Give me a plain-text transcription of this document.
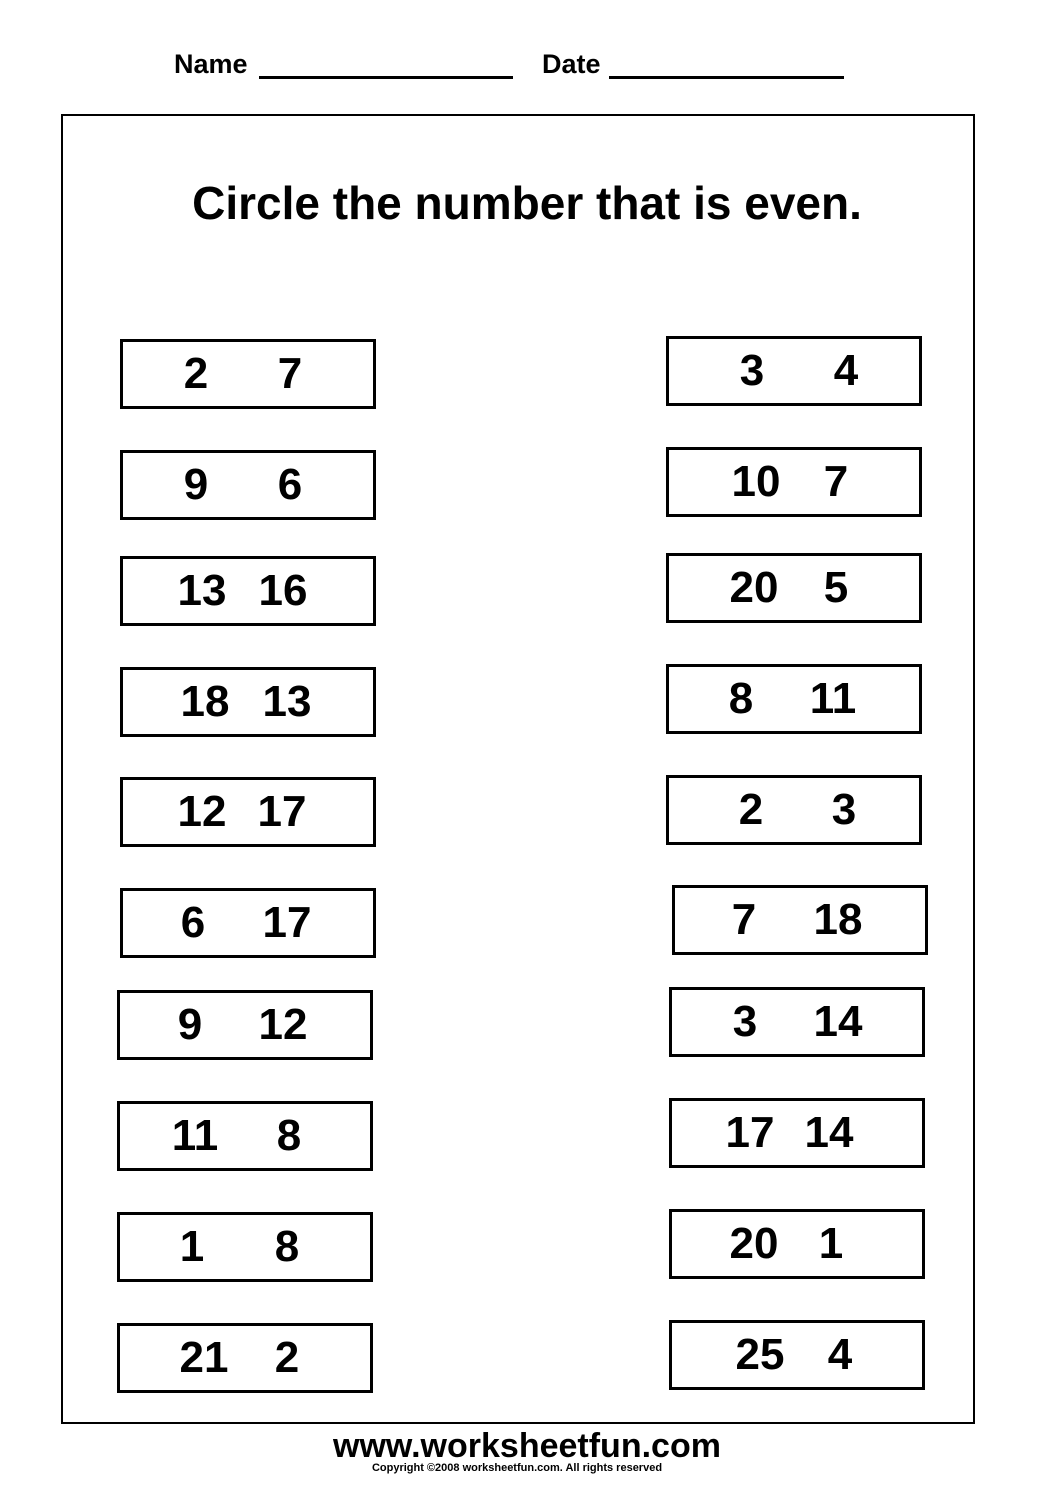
Name	Date
Circle the number that is even.
2	7
9	6
13 16
18 13
12 17
6	17
9	12
11	8
1	8
21	2
3	4
10 7
20	5
8	11
2	3
7	18
3	14
17 14
20 1
25 4
www.worksheetfun.com
Copyright ©2008 worksheetfun.com. All rights reserved
